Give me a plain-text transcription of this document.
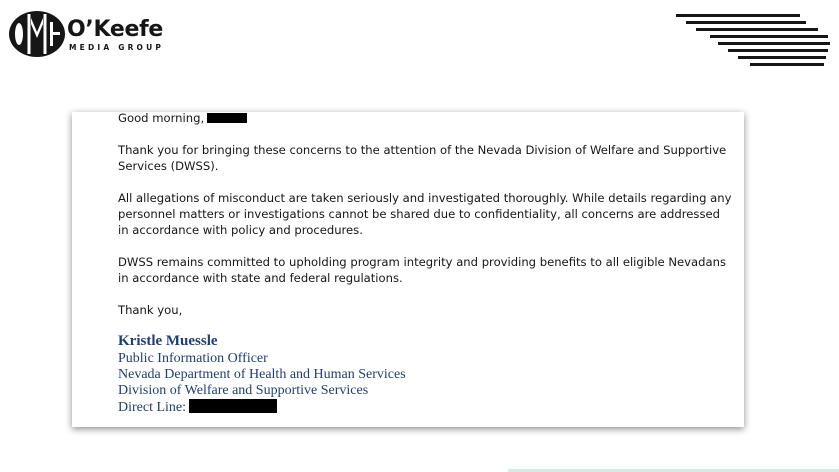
O’Keefe
MEDIA GROUP
Good morning,

Thank you for bringing these concerns to the attention of the Nevada Division of Welfare and Supportive Services (DWSS).

All allegations of misconduct are taken seriously and investigated thoroughly. While details regarding any personnel matters or investigations cannot be shared due to confidentiality, all concerns are addressed in accordance with policy and procedures.

DWSS remains committed to upholding program integrity and providing benefits to all eligible Nevadans in accordance with state and federal regulations.

Thank you,

Kristle Muessle
Public Information Officer
Nevada Department of Health and Human Services
Division of Welfare and Supportive Services
Direct Line:
